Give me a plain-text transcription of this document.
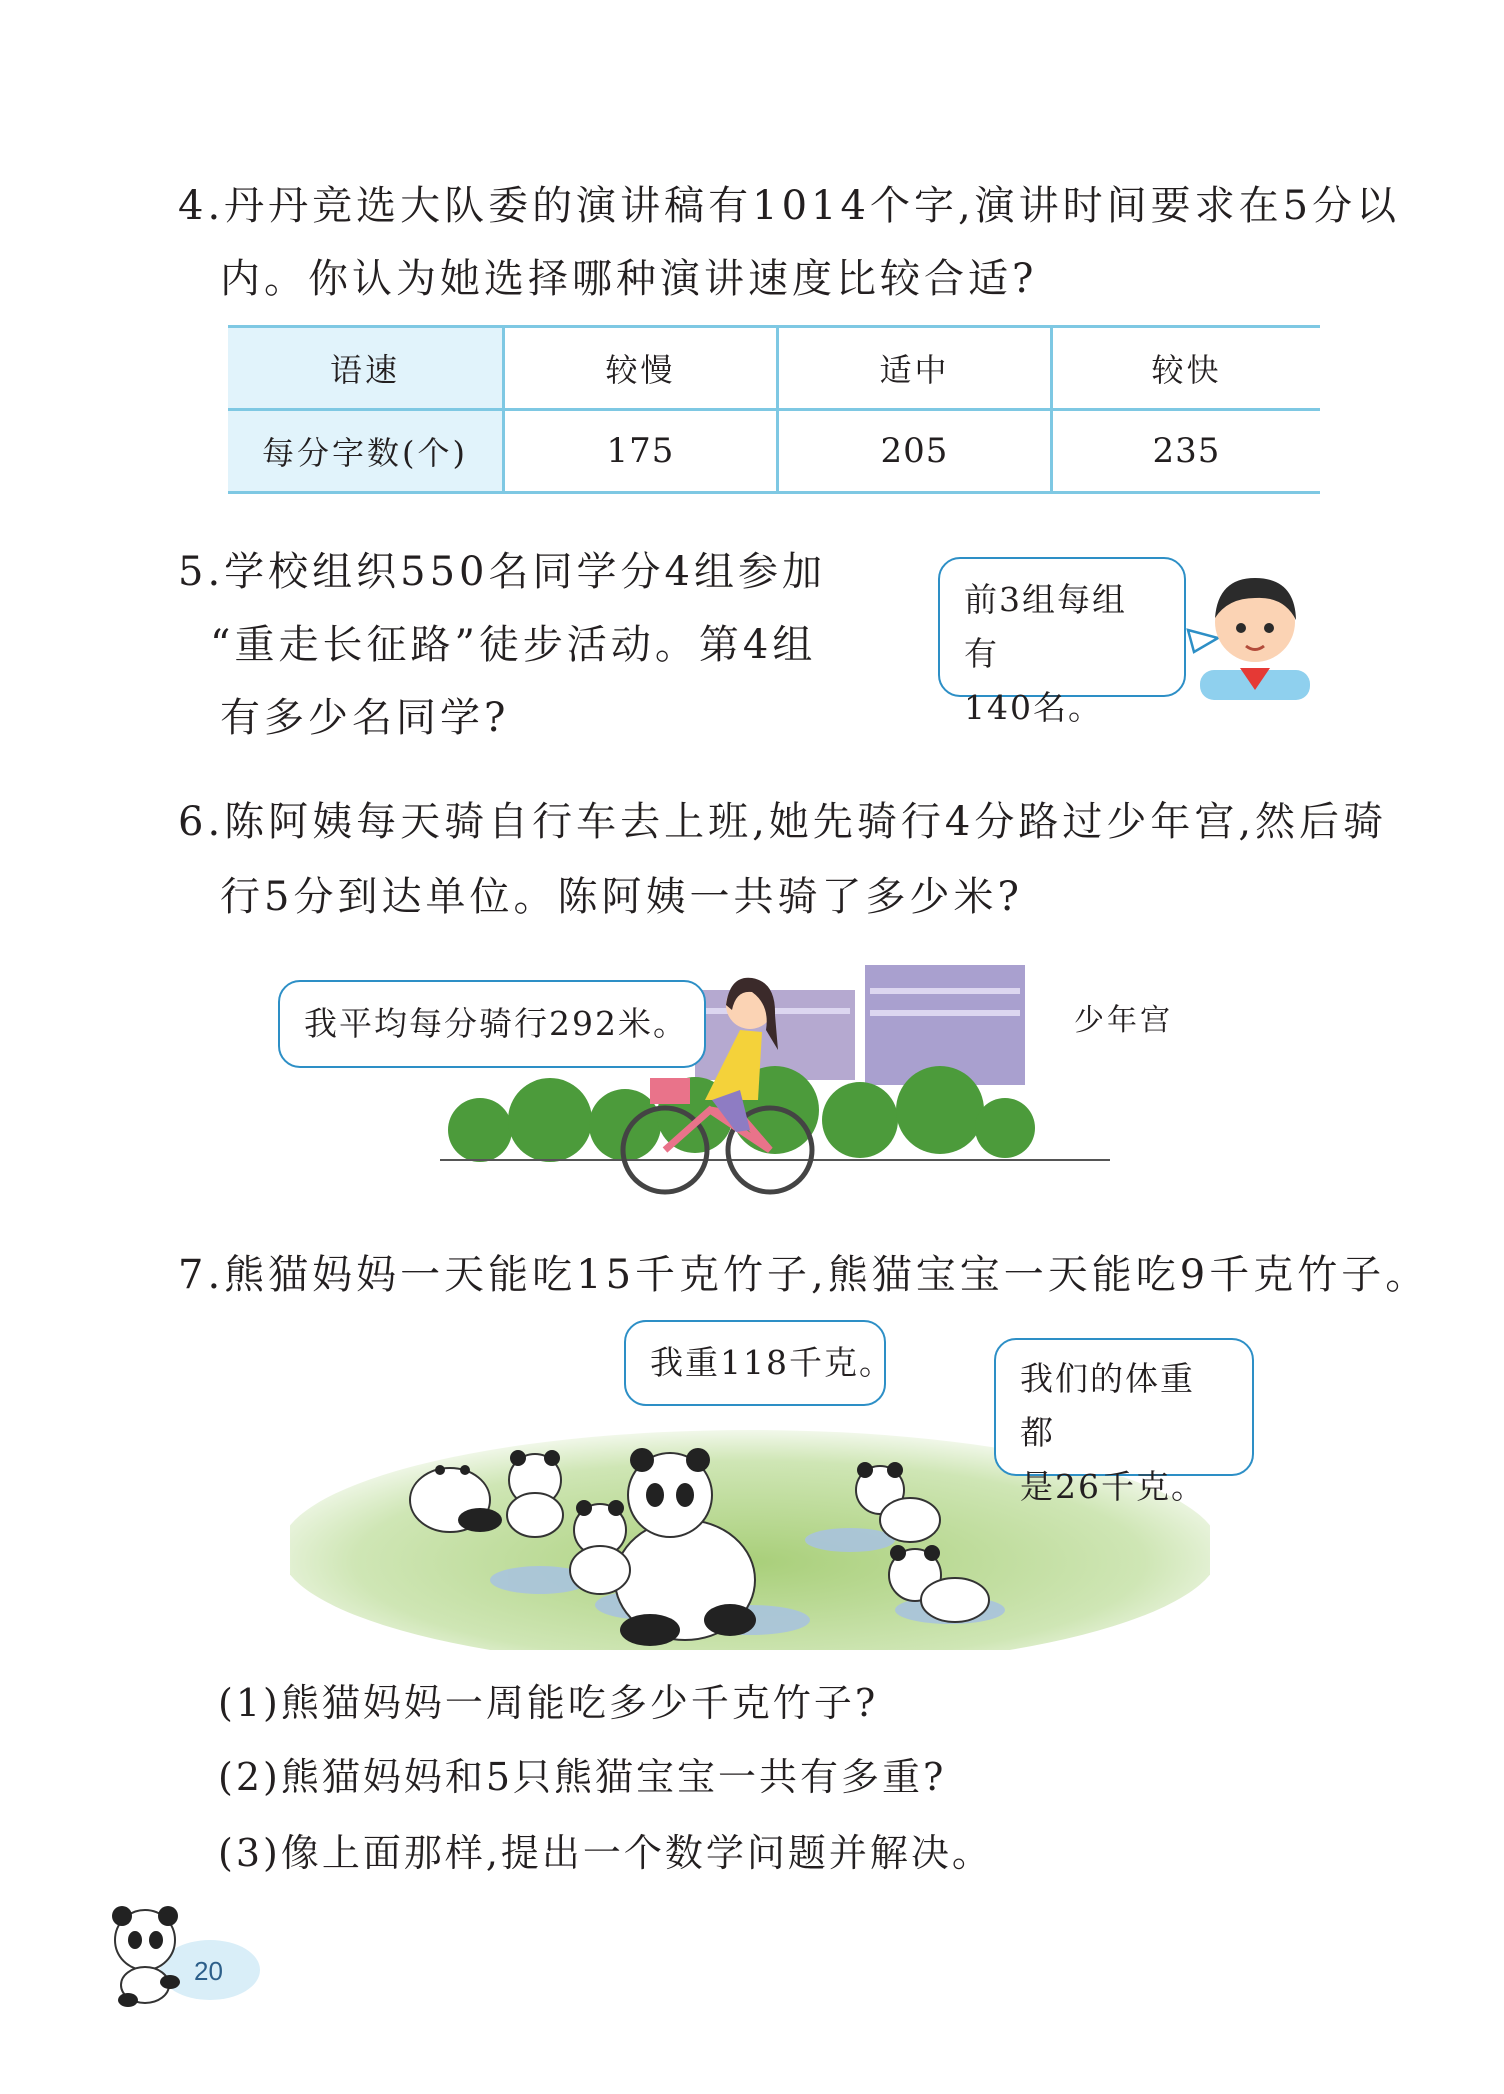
4.丹丹竞选大队委的演讲稿有1014个字,演讲时间要求在5分以
内。你认为她选择哪种演讲速度比较合适?
语速	较慢	适中	较快
每分字数(个)	175	205	235
5.学校组织550名同学分4组参加
“重走长征路”徒步活动。第4组
有多少名同学?
前3组每组有
140名。
6.陈阿姨每天骑自行车去上班,她先骑行4分路过少年宫,然后骑
行5分到达单位。陈阿姨一共骑了多少米?
我平均每分骑行292米。	少年宫
7.熊猫妈妈一天能吃15千克竹子,熊猫宝宝一天能吃9千克竹子。
我重118千克。	我们的体重都
是26千克。
(1)熊猫妈妈一周能吃多少千克竹子?
(2)熊猫妈妈和5只熊猫宝宝一共有多重?
(3)像上面那样,提出一个数学问题并解决。
20
